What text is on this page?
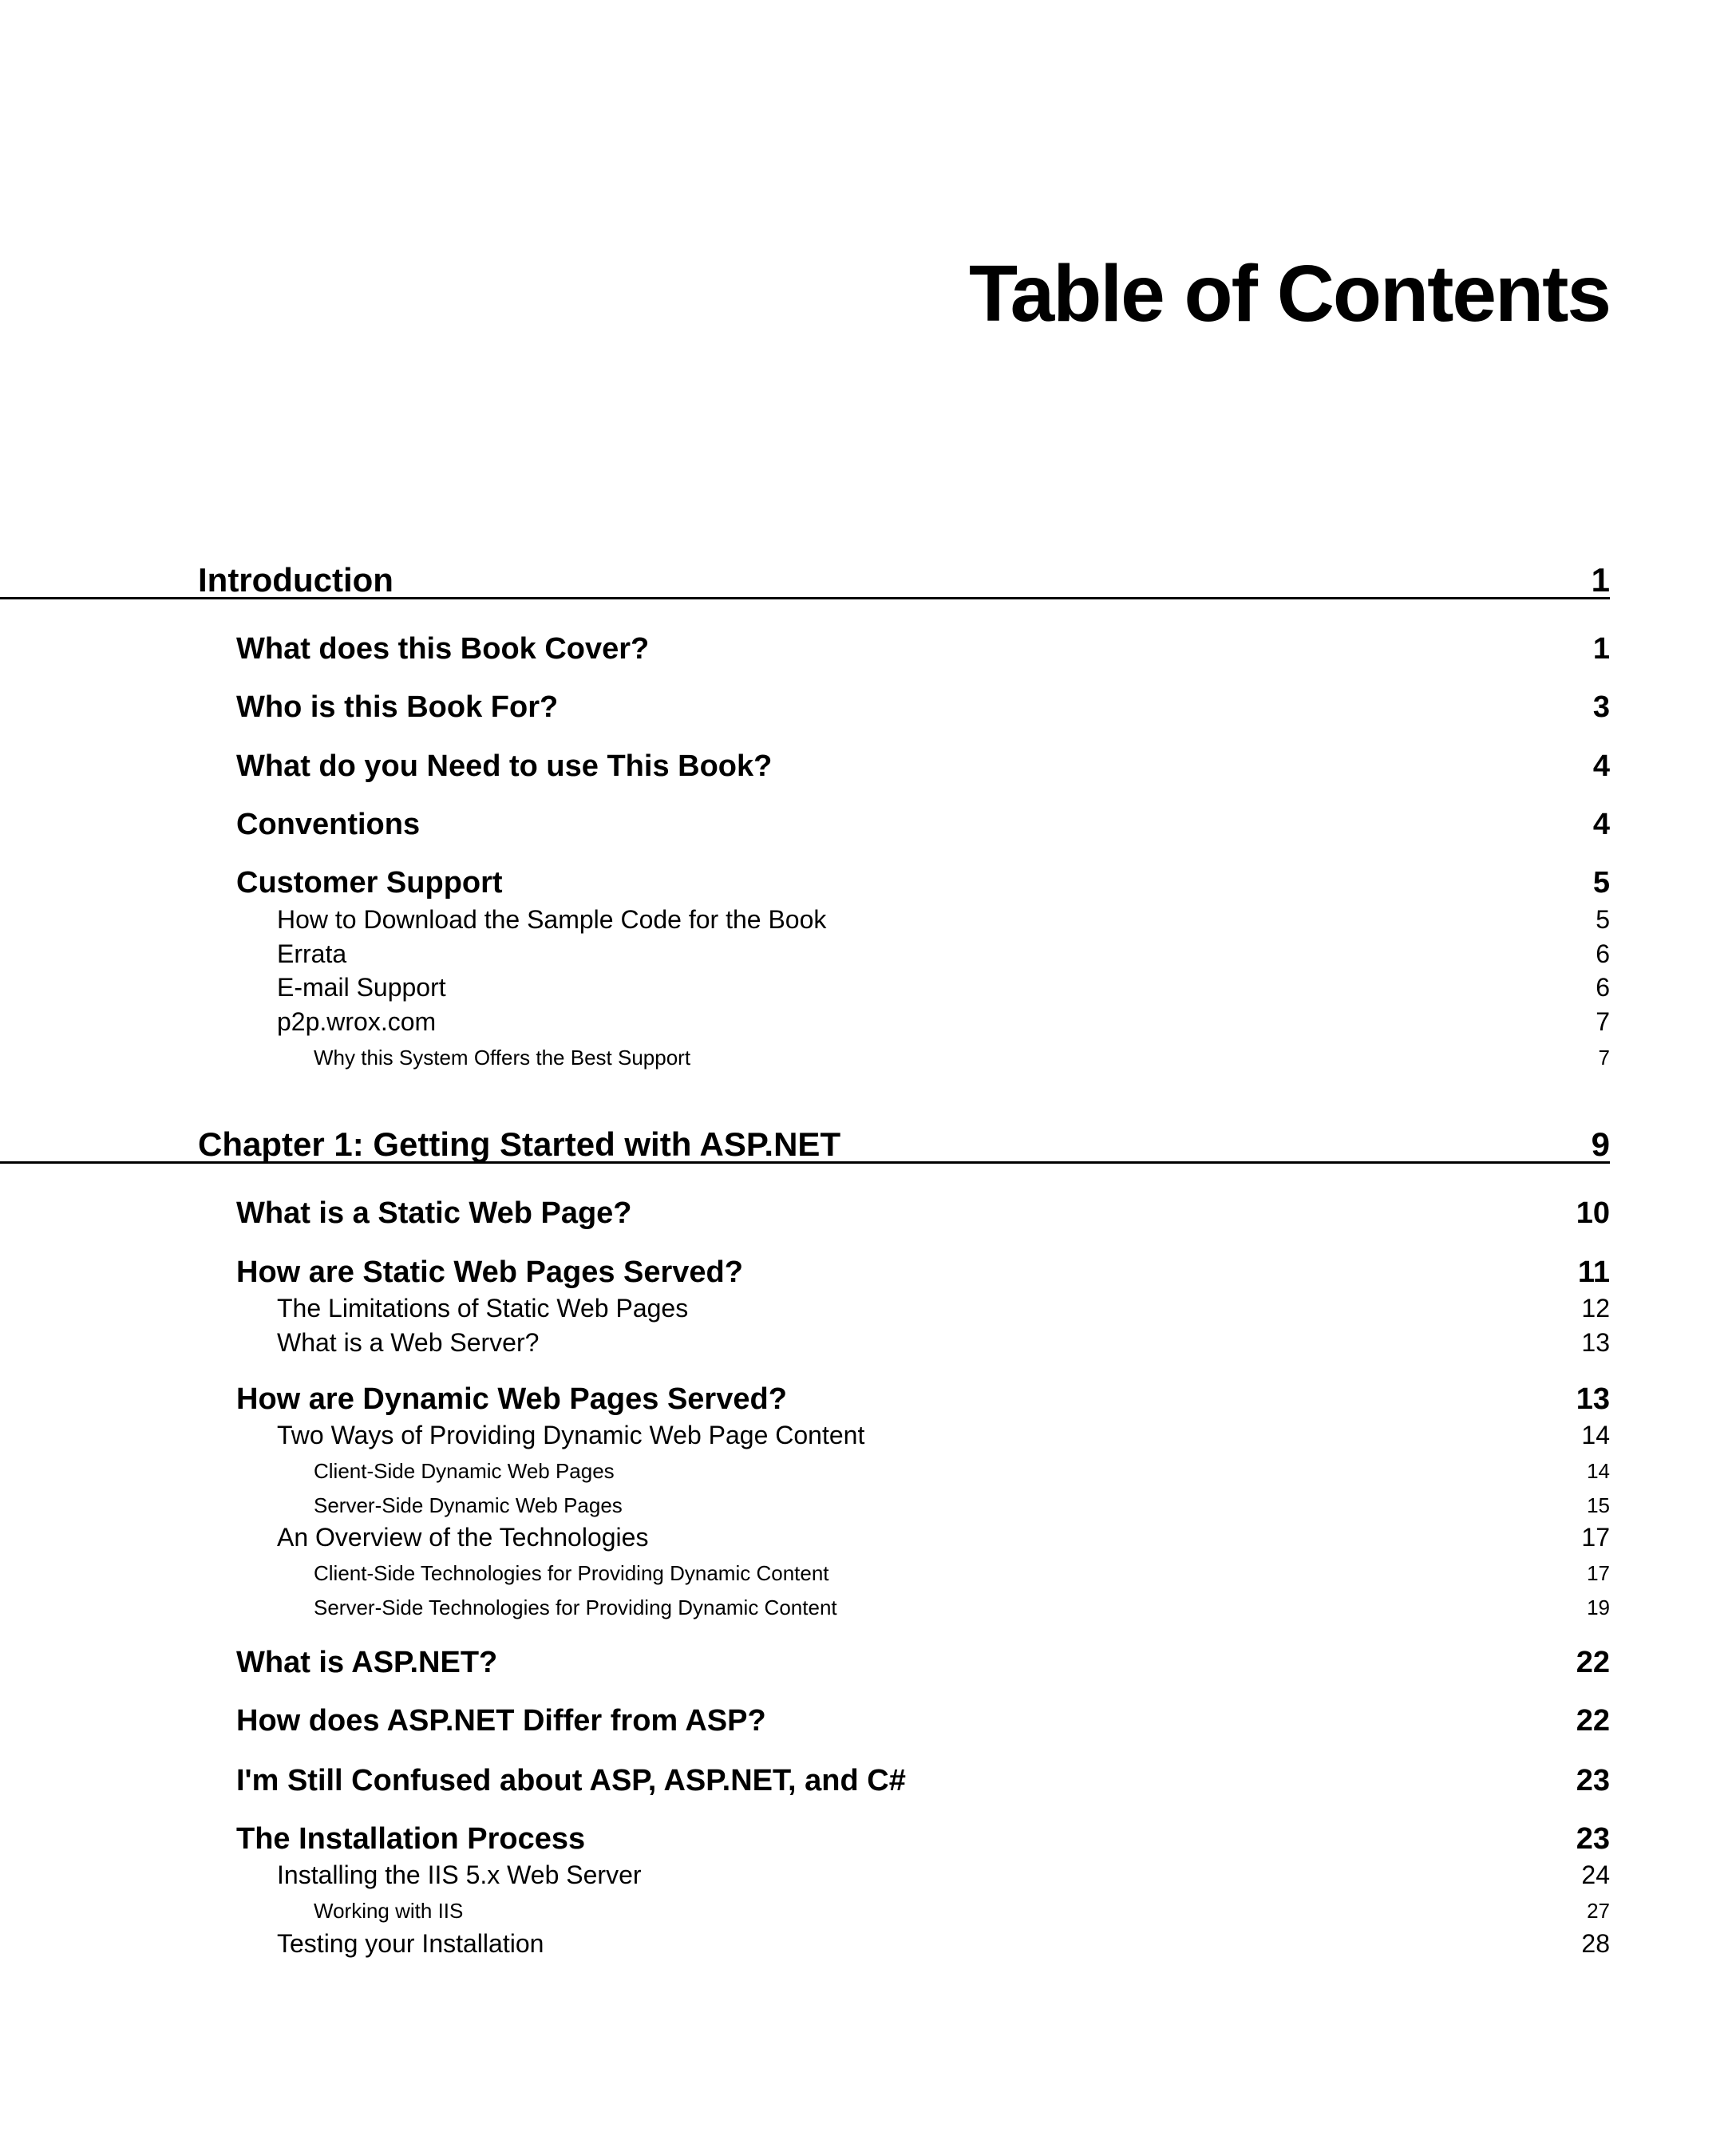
Table of Contents
Introduction	1
What does this Book Cover?	1
Who is this Book For?	3
What do you Need to use This Book?	4
Conventions	4
Customer Support	5
How to Download the Sample Code for the Book	5
Errata	6
E-mail Support	6
p2p.wrox.com	7
Why this System Offers the Best Support	7
Chapter 1: Getting Started with ASP.NET	9
What is a Static Web Page?	10
How are Static Web Pages Served?	11
The Limitations of Static Web Pages	12
What is a Web Server?	13
How are Dynamic Web Pages Served?	13
Two Ways of Providing Dynamic Web Page Content	14
Client-Side Dynamic Web Pages	14
Server-Side Dynamic Web Pages	15
An Overview of the Technologies	17
Client-Side Technologies for Providing Dynamic Content	17
Server-Side Technologies for Providing Dynamic Content	19
What is ASP.NET?	22
How does ASP.NET Differ from ASP?	22
I'm Still Confused about ASP, ASP.NET, and C#	23
The Installation Process	23
Installing the IIS 5.x Web Server	24
Working with IIS	27
Testing your Installation	28
